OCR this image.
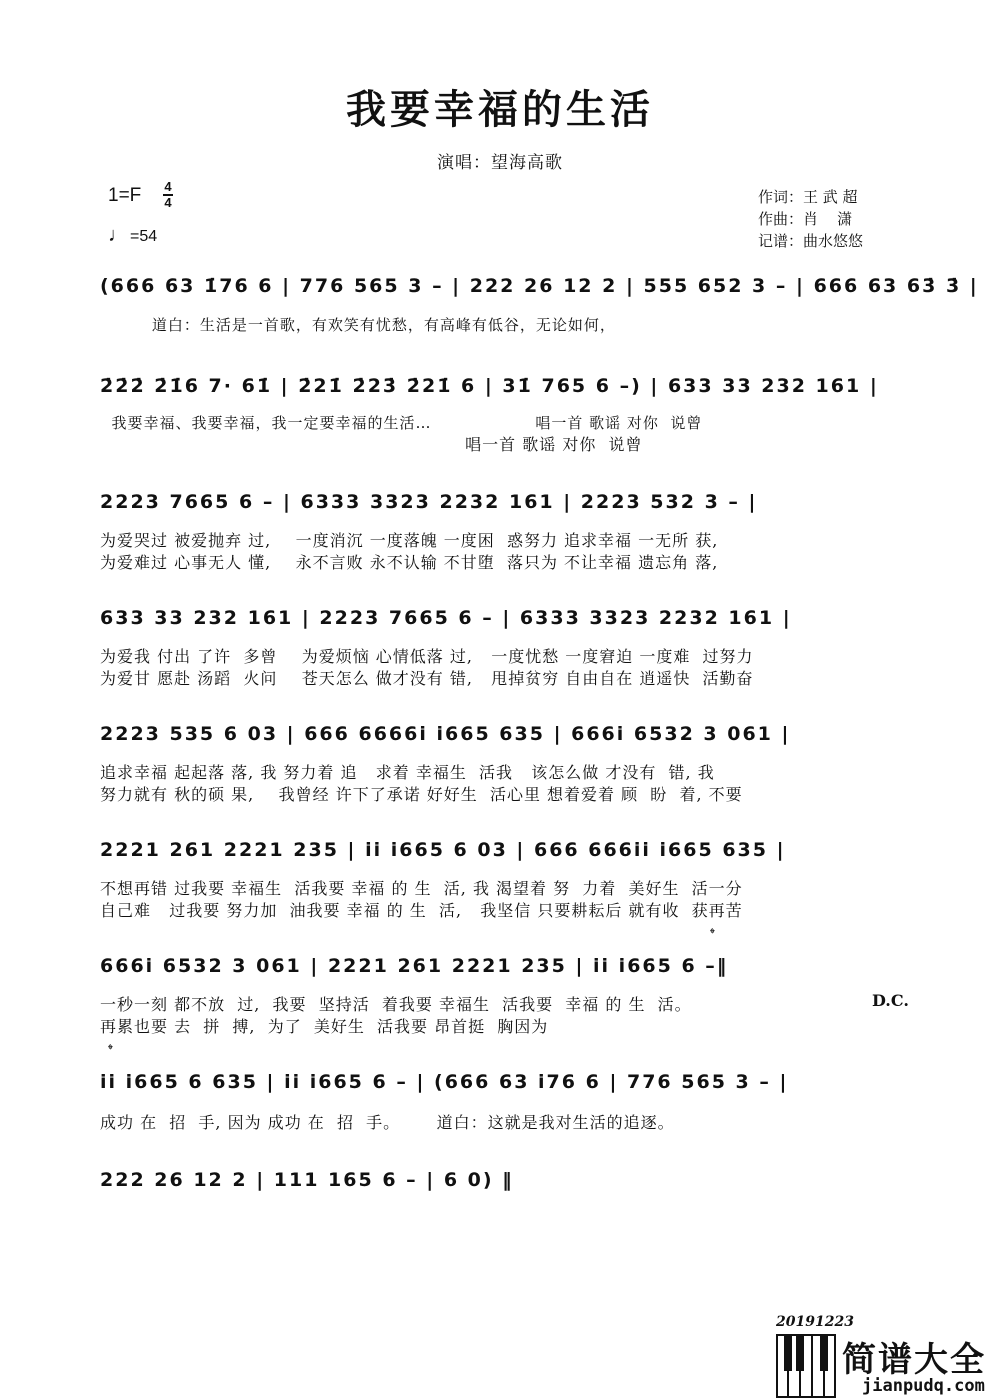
我要幸福的生活
演唱：望海高歌
1=F 4
4
♩ =54
作词：王 武 超
作曲：肖    潇
记谱：曲水悠悠
(666 63 1̇76 6 | 776 565 3 – | 222 26 12 2 | 555 652 3 – | 666 63 63̇ 3̇ |
道白：生活是一首歌，有欢笑有忧愁，有高峰有低谷，无论如何，
2̇2̇2̇ 2̇1̇6 7· 61̇ | 2̇21̇ 2̇23̇ 2̇21̇ 6 | 31̇ 765 6 –) | 633 33 232 161 |
我要幸福、我要幸福，我一定要幸福的生活…                  唱一首 歌谣 对你  说曾
唱一首 歌谣 对你  说曾
2223 7665 6 – | 6333 3323 2232 161 | 2223 532 3 – |
为爱哭过 被爱抛弃 过,    一度消沉 一度落魄 一度困  惑努力 追求幸福 一无所 获,
为爱难过 心事无人 懂,    永不言败 永不认输 不甘堕  落只为 不让幸福 遗忘角 落,
633 33 232 161 | 2223 7665 6 – | 6333 3323 2232 161 |
为爱我 付出 了许  多曾    为爱烦恼 心情低落 过,   一度忧愁 一度窘迫 一度难  过努力
为爱甘 愿赴 汤蹈  火问    苍天怎么 做才没有 错,   甩掉贫穷 自由自在 逍遥快  活勤奋
2223 535 6 03 | 666 6666i i665 635 | 666i 6532 3 061 |
追求幸福 起起落 落, 我 努力着 追   求着 幸福生  活我   该怎么做 才没有  错, 我
努力就有 秋的硕 果,    我曾经 许下了承诺 好好生  活心里 想着爱着 顾  盼  着, 不要
2221 261 2221 235 | ii i665 6 03 | 666 666ii i665 635 |
不想再错 过我要 幸福生  活我要 幸福 的 生  活, 我 渴望着 努  力着  美好生  活一分
自己难   过我要 努力加  油我要 幸福 的 生  活,   我坚信 只要耕耘后 就有收  获再苦
𝄌
666i 6532 3 061 | 2221 261 2221 235 | ii i665 6 –‖
一秒一刻 都不放  过,  我要  坚持活  着我要 幸福生  活我要  幸福 的 生  活。	D.C.
再累也要 去  拼  搏,  为了  美好生  活我要 昂首挺  胸因为
𝄌
ii i665 6 635 | ii i665 6 – | (666 63 i76 6 | 776 565 3 – |
成功 在  招  手, 因为 成功 在  招  手。      道白：这就是我对生活的追逐。
222 26 12 2 | 111 165 6 – | 6 0) ‖
20191223
简谱大全
jianpudq.com
